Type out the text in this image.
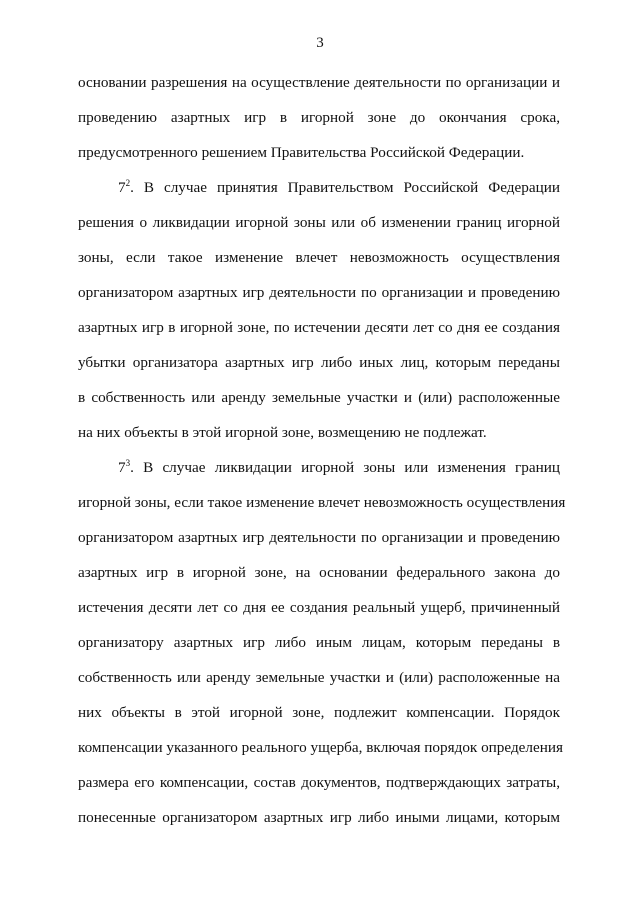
3
основании разрешения на осуществление деятельности по организации и
проведению азартных игр в игорной зоне до окончания срока,
предусмотренного решением Правительства Российской Федерации.
$7^2$. В случае принятия Правительством Российской Федерации
решения о ликвидации игорной зоны или об изменении границ игорной
зоны, если такое изменение влечет невозможность осуществления
организатором азартных игр деятельности по организации и проведению
азартных игр в игорной зоне, по истечении десяти лет со дня ее создания
убытки организатора азартных игр либо иных лиц, которым переданы
в собственность или аренду земельные участки и (или) расположенные
на них объекты в этой игорной зоне, возмещению не подлежат.
$7^3$. В случае ликвидации игорной зоны или изменения границ
игорной зоны, если такое изменение влечет невозможность осуществления
организатором азартных игр деятельности по организации и проведению
азартных игр в игорной зоне, на основании федерального закона до
истечения десяти лет со дня ее создания реальный ущерб, причиненный
организатору азартных игр либо иным лицам, которым переданы в
собственность или аренду земельные участки и (или) расположенные на
них объекты в этой игорной зоне, подлежит компенсации. Порядок
компенсации указанного реального ущерба, включая порядок определения
размера его компенсации, состав документов, подтверждающих затраты,
понесенные организатором азартных игр либо иными лицами, которым
